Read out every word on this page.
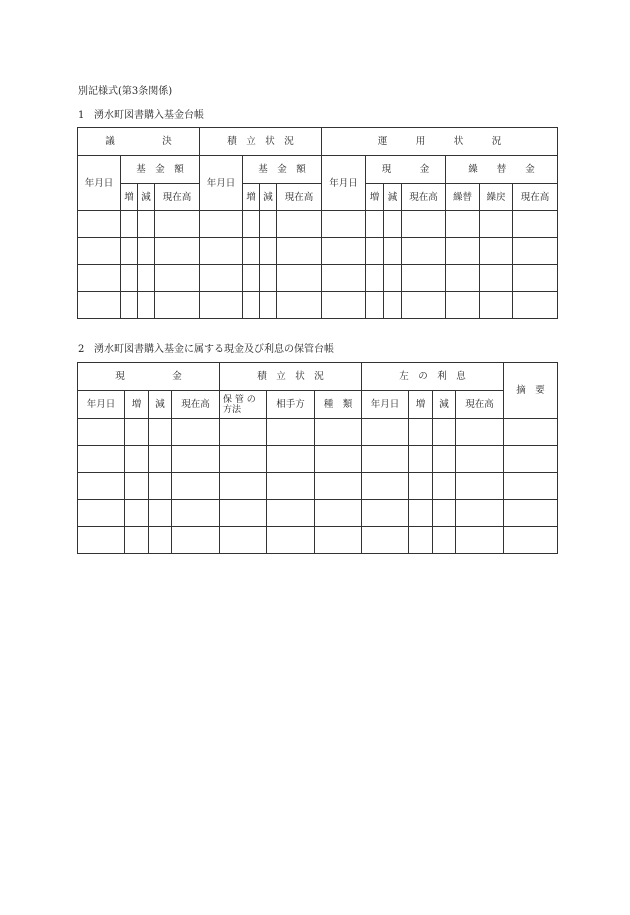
別記様式(第3条関係)
1 湧水町図書購入基金台帳
議　　　　　決				積　立　状　況				運　　　用　　　状　　　況						
年月日	基　金　額			年月日	基　金　額			年月日	現　　　金			繰　　替　　金		
	増	減	現在高		増	減	現在高		増	減	現在高	繰替	繰戻	現在高

2 湧水町図書購入基金に属する現金及び利息の保管台帳
現　　　　　金				積　立　状　況			左　の　利　息				摘　要
年月日	増	減	現在高	保 管 の 方法	相手方	種　類	年月日	増	減	現在高	
